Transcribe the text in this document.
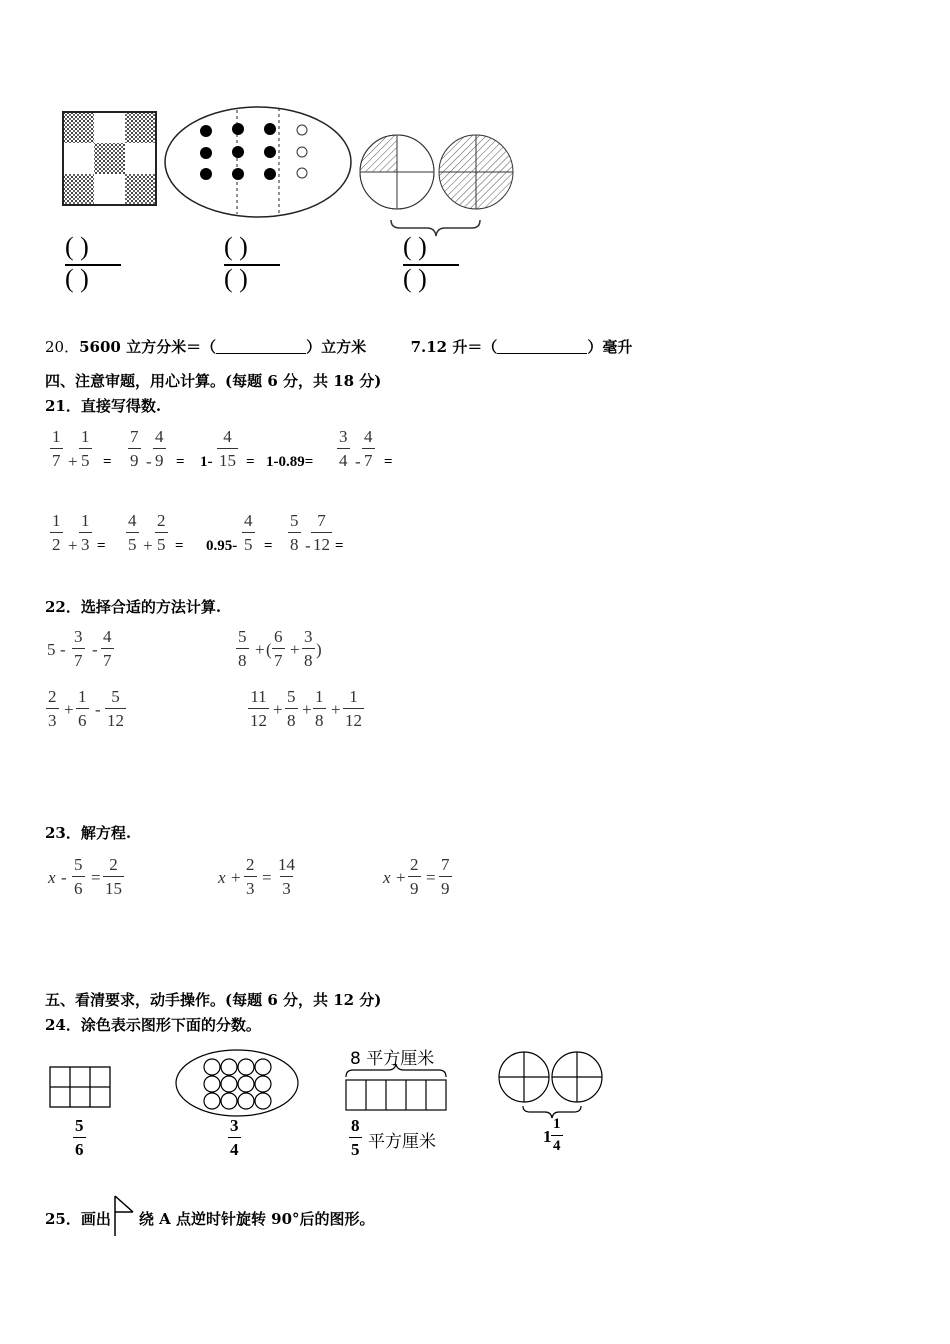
( )
( )
( )
( )
( )
( )
20．5600 立方分米＝（	）立方米	7.12 升＝（	）毫升
四、注意审题，用心计算。(每题 6 分，共 18 分)
21．直接写得数.
$\frac{1}{7} + \frac{1}{5} = \frac{7}{9} - \frac{4}{9} = 1- \frac{4}{15} = 1-0.89= \frac{3}{4} - \frac{4}{7}$ =
$\frac{1}{2} + \frac{1}{3} = \frac{4}{5} + \frac{2}{5} = 0.95- \frac{4}{5} = \frac{5}{8} - \frac{7}{12}$ =
22．选择合适的方法计算.
$5 - \frac{3}{7} - \frac{4}{7}$	$\frac{5}{8}$ + ( $\frac{6}{7} + \frac{3}{8}$ )
$\frac{2}{3} + \frac{1}{6} - \frac{5}{12}$	$\frac{11}{12} + \frac{5}{8} + \frac{1}{8} + \frac{1}{12}$
23．解方程.
$x - \frac{5}{6} = \frac{2}{15}$	$x + \frac{2}{3} = \frac{14}{3}$	$x + \frac{2}{9} = \frac{7}{9}$
五、看清要求，动手操作。(每题 6 分，共 12 分)
24．涂色表示图形下面的分数。
8 平方厘米
$\frac{5}{6}$	$\frac{3}{4}$	$\frac{8}{5}$ 平方厘米	$1 \frac{1}{4}$
25．画出 绕 A 点逆时针旋转 90°后的图形。
